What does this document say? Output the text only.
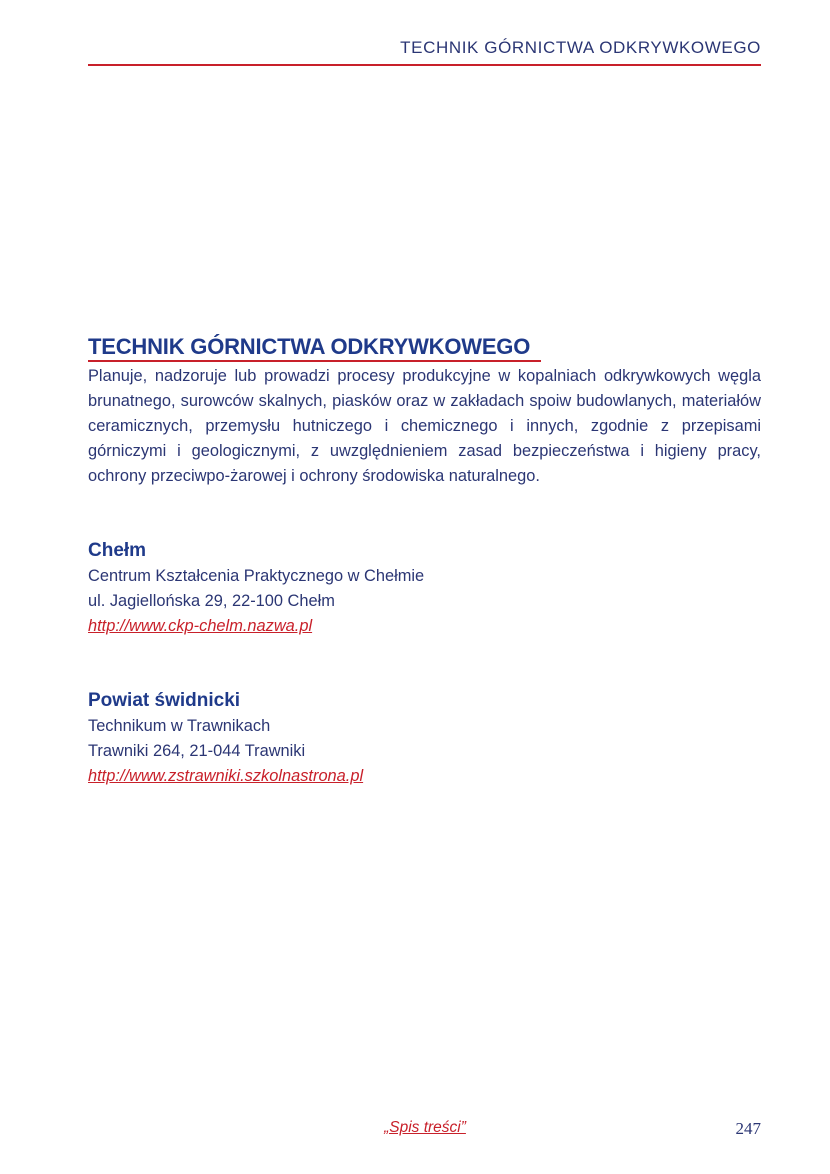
TECHNIK GÓRNICTWA ODKRYWKOWEGO
TECHNIK GÓRNICTWA ODKRYWKOWEGO

Planuje, nadzoruje lub prowadzi procesy produkcyjne w kopalniach odkrywkowych węgla brunatnego, surowców skalnych, piasków oraz w zakładach spoiw budowlanych, materiałów ceramicznych, przemysłu hutniczego i chemicznego i innych, zgodnie z przepisami górniczymi i geologicznymi, z uwzględnieniem zasad bezpieczeństwa i higieny pracy, ochrony przeciwpo-żarowej i ochrony środowiska naturalnego.

Chełm
Centrum Kształcenia Praktycznego w Chełmie
ul. Jagiellońska 29, 22-100 Chełm
http://www.ckp-chelm.nazwa.pl
Powiat świdnicki
Technikum w Trawnikach
Trawniki 264, 21-044 Trawniki
http://www.zstrawniki.szkolnastrona.pl
„Spis treści”	247
